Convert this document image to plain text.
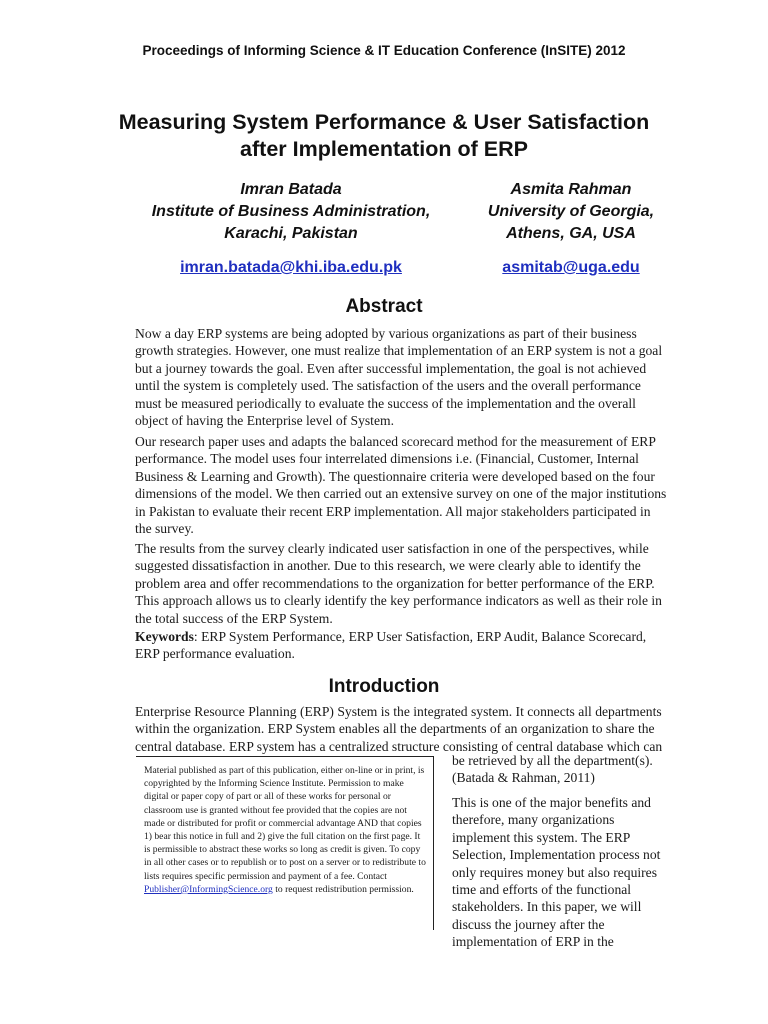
Proceedings of Informing Science & IT Education Conference (InSITE) 2012
Measuring System Performance & User Satisfaction after Implementation of ERP
Imran Batada
Institute of Business Administration,
Karachi, Pakistan
Asmita Rahman
University of Georgia,
Athens, GA, USA
imran.batada@khi.iba.edu.pk	asmitab@uga.edu
Abstract
Now a day ERP systems are being adopted by various organizations as part of their business growth strategies. However, one must realize that implementation of an ERP system is not a goal but a journey towards the goal. Even after successful implementation, the goal is not achieved until the system is completely used. The satisfaction of the users and the overall performance must be measured periodically to evaluate the success of the implementation and the overall object of having the Enterprise level of System.
Our research paper uses and adapts the balanced scorecard method for the measurement of ERP performance. The model uses four interrelated dimensions i.e. (Financial, Customer, Internal Business & Learning and Growth). The questionnaire criteria were developed based on the four dimensions of the model. We then carried out an extensive survey on one of the major institutions in Pakistan to evaluate their recent ERP implementation. All major stakeholders participated in the survey.
The results from the survey clearly indicated user satisfaction in one of the perspectives, while suggested dissatisfaction in another. Due to this research, we were clearly able to identify the problem area and offer recommendations to the organization for better performance of the ERP. This approach allows us to clearly identify the key performance indicators as well as their role in the total success of the ERP System.
Keywords: ERP System Performance, ERP User Satisfaction, ERP Audit, Balance Scorecard, ERP performance evaluation.
Introduction
Enterprise Resource Planning (ERP) System is the integrated system. It connects all departments within the organization. ERP System enables all the departments of an organization to share the central database. ERP system has a centralized structure consisting of central database which can
Material published as part of this publication, either on-line or in print, is copyrighted by the Informing Science Institute. Permission to make digital or paper copy of part or all of these works for personal or classroom use is granted without fee provided that the copies are not made or distributed for profit or commercial advantage AND that copies 1) bear this notice in full and 2) give the full citation on the first page. It is permissible to abstract these works so long as credit is given. To copy in all other cases or to republish or to post on a server or to redistribute to lists requires specific permission and payment of a fee. Contact Publisher@InformingScience.org to request redistribution permission.
be retrieved by all the department(s). (Batada & Rahman, 2011)
This is one of the major benefits and therefore, many organizations implement this system. The ERP Selection, Implementation process not only requires money but also requires time and efforts of the functional stakeholders. In this paper, we will discuss the journey after the implementation of ERP in the
